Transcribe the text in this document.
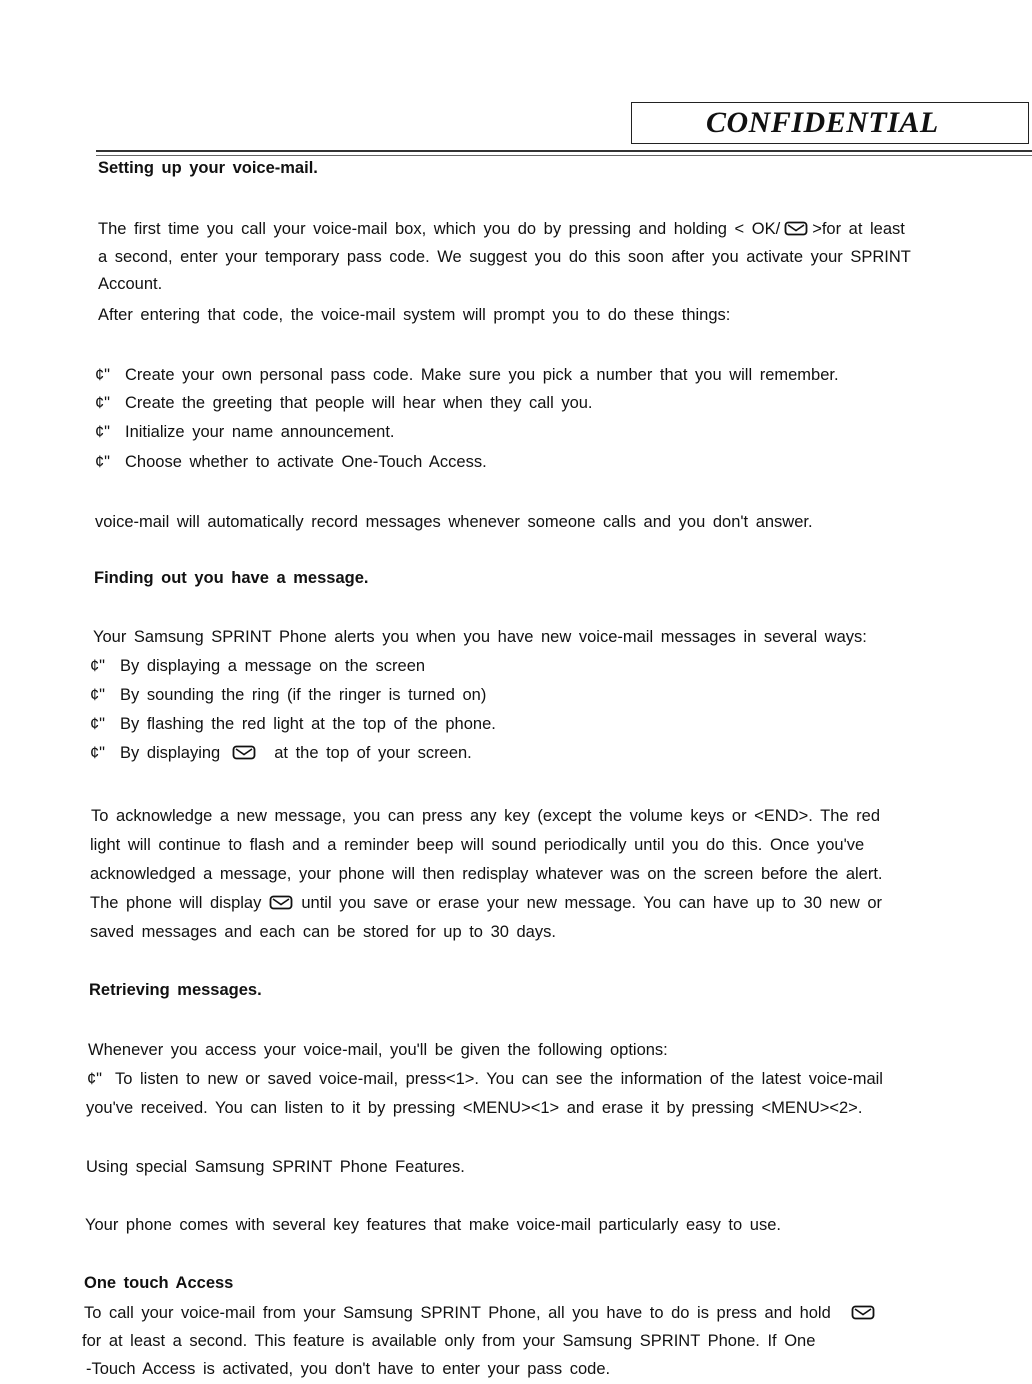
CONFIDENTIAL
Setting up your voice-mail.
The first time you call your voice-mail box, which you do by pressing and holding < OK/ >for at least
a second, enter your temporary pass code. We suggest you do this soon after you activate your SPRINT
Account.
After entering that code, the voice-mail system will prompt you to do these things:
¢" Create your own personal pass code. Make sure you pick a number that you will remember.
¢" Create the greeting that people will hear when they call you.
¢" Initialize your name announcement.
¢" Choose whether to activate One-Touch Access.
voice-mail will automatically record messages whenever someone calls and you don't answer.
Finding out you have a message.
Your Samsung SPRINT Phone alerts you when you have new voice-mail messages in several ways:
¢" By displaying a message on the screen
¢" By sounding the ring (if the ringer is turned on)
¢" By flashing the red light at the top of the phone.
¢" By displaying	at the top of your screen.
To acknowledge a new message, you can press any key (except the volume keys or <END>. The red
light will continue to flash and a reminder beep will sound periodically until you do this. Once you've
acknowledged a message, your phone will then redisplay whatever was on the screen before the alert.
The phone will display until you save or erase your new message. You can have up to 30 new or
saved messages and each can be stored for up to 30 days.
Retrieving messages.
Whenever you access your voice-mail, you'll be given the following options:
¢" To listen to new or saved voice-mail, press<1>. You can see the information of the latest voice-mail
you've received. You can listen to it by pressing <MENU><1> and erase it by pressing <MENU><2>.
Using special Samsung SPRINT Phone Features.
Your phone comes with several key features that make voice-mail particularly easy to use.
One touch Access
To call your voice-mail from your Samsung SPRINT Phone, all you have to do is press and hold
for at least a second. This feature is available only from your Samsung SPRINT Phone. If One
-Touch Access is activated, you don't have to enter your pass code.
